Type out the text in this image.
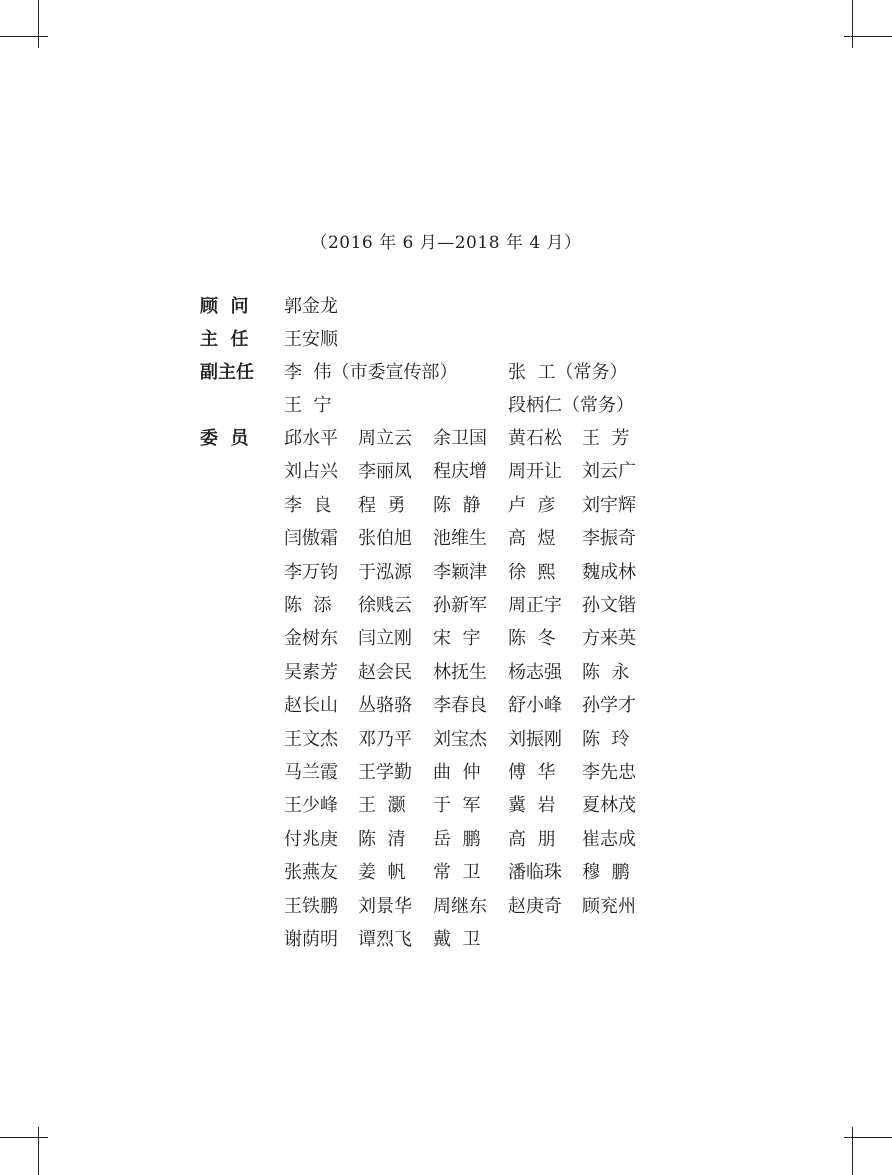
（2016 年 6 月—2018 年 4 月）
顾  问	郭金龙
主  任	王安顺
副主任 李  伟（市委宣传部）	张  工（常务）
王  宁	段柄仁（常务）
委  员	邱水平 周立云 余卫国 黄石松 王  芳
刘占兴 李丽凤 程庆增 周开让 刘云广
李  良 程  勇 陈  静 卢  彦 刘宇辉
闫傲霜 张伯旭 池维生 高  煜 李振奇
李万钧 于泓源 李颖津 徐  熙 魏成林
陈  添 徐贱云 孙新军 周正宇 孙文锴
金树东 闫立刚 宋  宇 陈  冬 方来英
吴素芳 赵会民 林抚生 杨志强 陈  永
赵长山 丛骆骆 李春良 舒小峰 孙学才
王文杰 邓乃平 刘宝杰 刘振刚 陈  玲
马兰霞 王学勤 曲  仲 傅  华 李先忠
王少峰 王  灏 于  军 冀  岩 夏林茂
付兆庚 陈  清 岳  鹏 高  朋 崔志成
张燕友 姜  帆 常  卫 潘临珠 穆  鹏
王铁鹏 刘景华 周继东 赵庚奇 顾兖州
谢荫明 谭烈飞 戴  卫
